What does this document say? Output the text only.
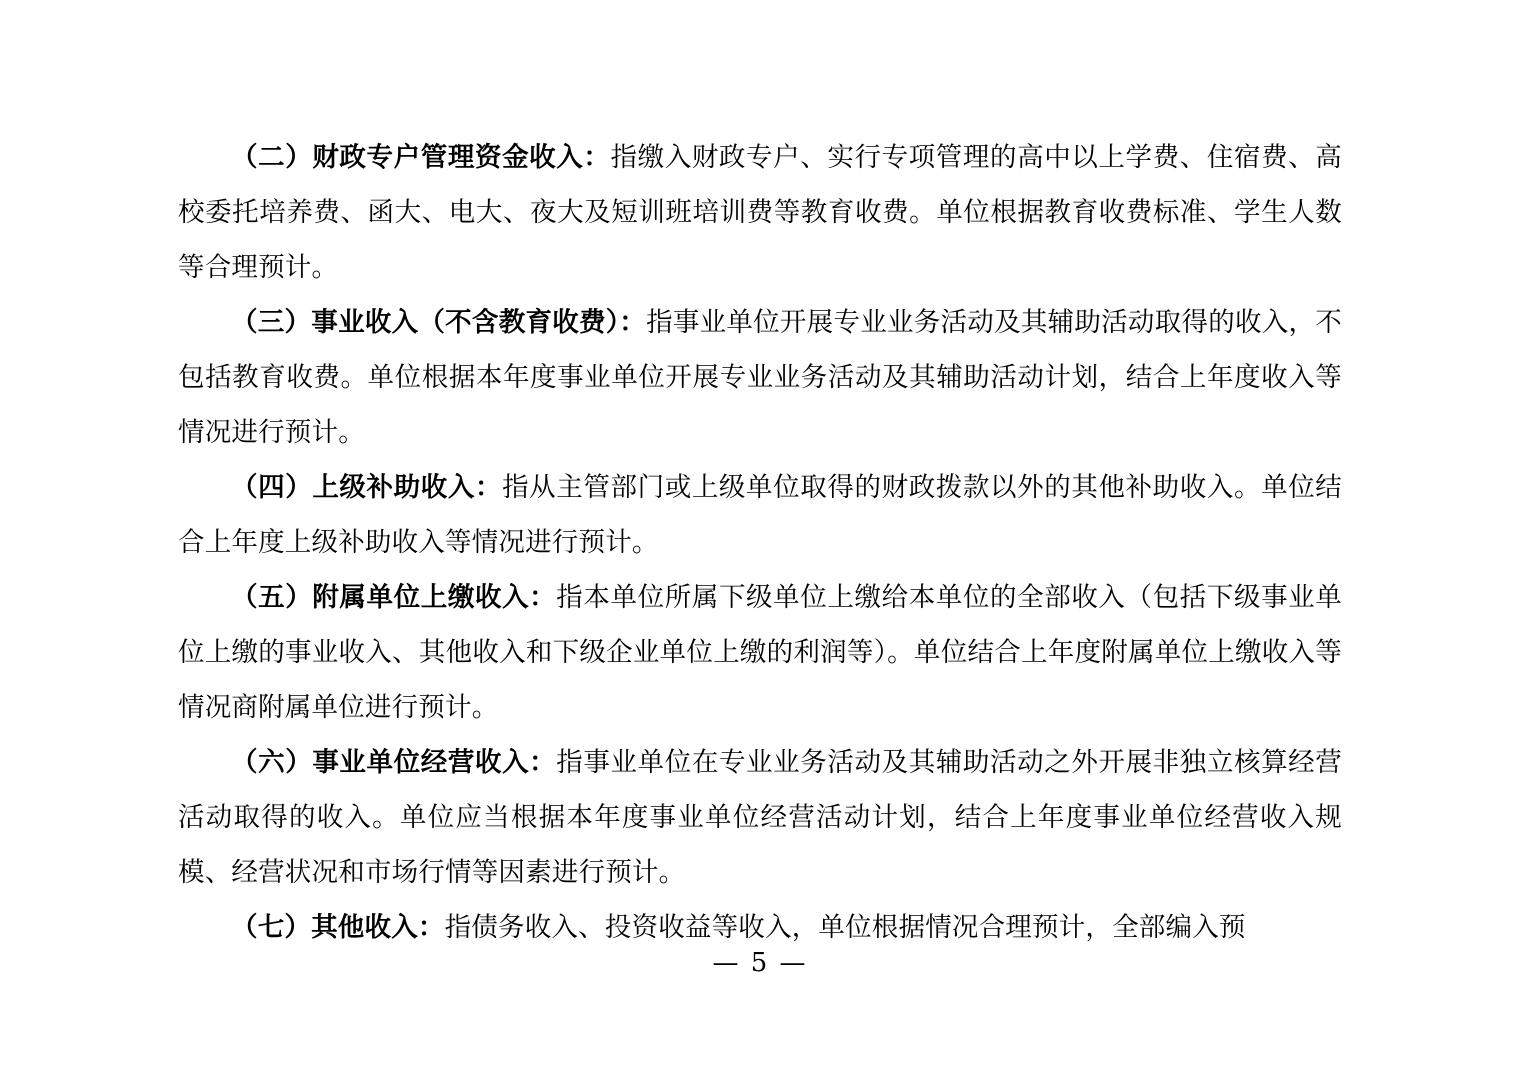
（二）财政专户管理资金收入：指缴入财政专户、实行专项管理的高中以上学费、住宿费、高校委托培养费、函大、电大、夜大及短训班培训费等教育收费。单位根据教育收费标准、学生人数等合理预计。

（三）事业收入（不含教育收费）：指事业单位开展专业业务活动及其辅助活动取得的收入，不包括教育收费。单位根据本年度事业单位开展专业业务活动及其辅助活动计划，结合上年度收入等情况进行预计。

（四）上级补助收入：指从主管部门或上级单位取得的财政拨款以外的其他补助收入。单位结合上年度上级补助收入等情况进行预计。

（五）附属单位上缴收入：指本单位所属下级单位上缴给本单位的全部收入（包括下级事业单位上缴的事业收入、其他收入和下级企业单位上缴的利润等）。单位结合上年度附属单位上缴收入等情况商附属单位进行预计。

（六）事业单位经营收入：指事业单位在专业业务活动及其辅助活动之外开展非独立核算经营活动取得的收入。单位应当根据本年度事业单位经营活动计划，结合上年度事业单位经营收入规模、经营状况和市场行情等因素进行预计。

（七）其他收入：指债务收入、投资收益等收入，单位根据情况合理预计，全部编入预

— 5 —
